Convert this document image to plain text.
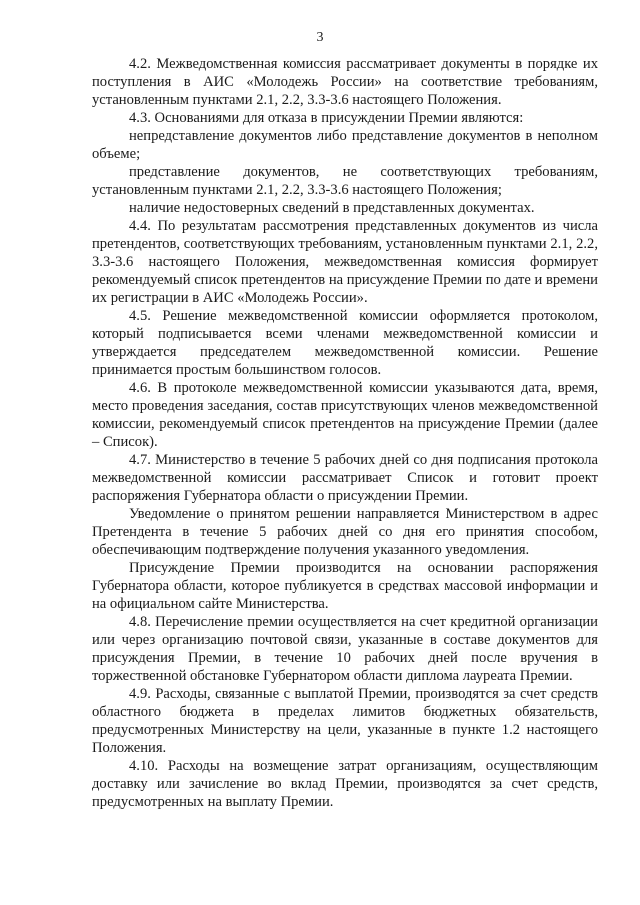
3

4.2. Межведомственная комиссия рассматривает документы в порядке их поступления в АИС «Молодежь России» на соответствие требованиям, установленным пунктами 2.1, 2.2, 3.3-3.6 настоящего Положения.

4.3. Основаниями для отказа в присуждении Премии являются:

непредставление документов либо представление документов в неполном объеме;

представление документов, не соответствующих требованиям, установленным пунктами 2.1, 2.2, 3.3-3.6 настоящего Положения;

наличие недостоверных сведений в представленных документах.

4.4. По результатам рассмотрения представленных документов из числа претендентов, соответствующих требованиям, установленным пунктами 2.1, 2.2, 3.3-3.6 настоящего Положения, межведомственная комиссия формирует рекомендуемый список претендентов на присуждение Премии по дате и времени их регистрации в АИС «Молодежь России».

4.5. Решение межведомственной комиссии оформляется протоколом, который подписывается всеми членами межведомственной комиссии и утверждается председателем межведомственной комиссии. Решение принимается простым большинством голосов.

4.6. В протоколе межведомственной комиссии указываются дата, время, место проведения заседания, состав присутствующих членов межведомственной комиссии, рекомендуемый список претендентов на присуждение Премии (далее – Список).

4.7. Министерство в течение 5 рабочих дней со дня подписания протокола межведомственной комиссии рассматривает Список и готовит проект распоряжения Губернатора области о присуждении Премии.

Уведомление о принятом решении направляется Министерством в адрес Претендента в течение 5 рабочих дней со дня его принятия способом, обеспечивающим подтверждение получения указанного уведомления.

Присуждение Премии производится на основании распоряжения Губернатора области, которое публикуется в средствах массовой информации и на официальном сайте Министерства.

4.8. Перечисление премии осуществляется на счет кредитной организации или через организацию почтовой связи, указанные в составе документов для присуждения Премии, в течение 10 рабочих дней после вручения в торжественной обстановке Губернатором области диплома лауреата Премии.

4.9. Расходы, связанные с выплатой Премии, производятся за счет средств областного бюджета в пределах лимитов бюджетных обязательств, предусмотренных Министерству на цели, указанные в пункте 1.2 настоящего Положения.

4.10. Расходы на возмещение затрат организациям, осуществляющим доставку или зачисление во вклад Премии, производятся за счет средств, предусмотренных на выплату Премии.
